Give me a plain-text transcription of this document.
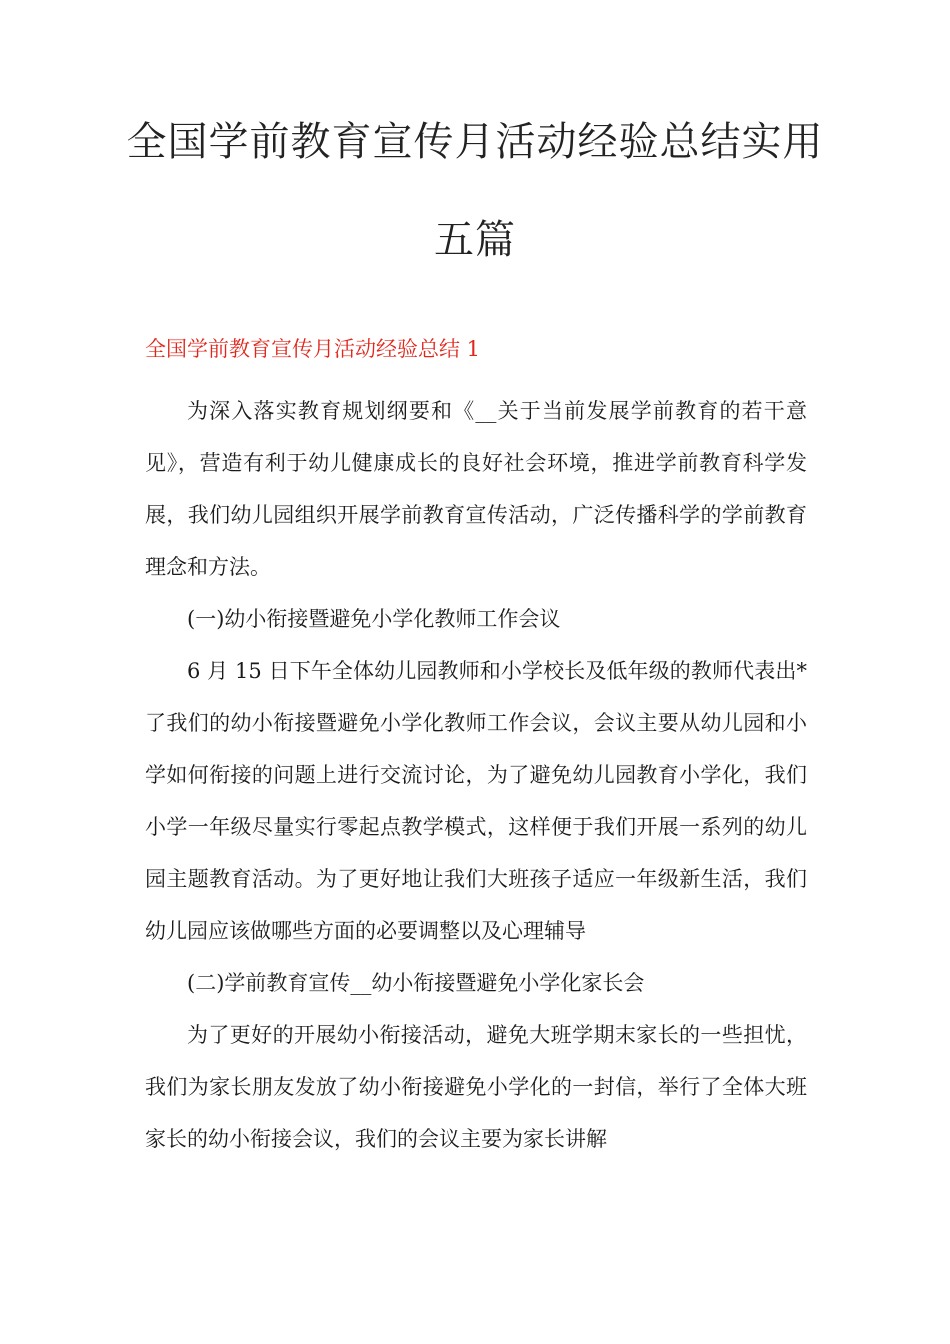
全国学前教育宣传月活动经验总结实用
五篇
全国学前教育宣传月活动经验总结 1

为深入落实教育规划纲要和《__关于当前发展学前教育的若干意见》，营造有利于幼儿健康成长的良好社会环境，推进学前教育科学发展，我们幼儿园组织开展学前教育宣传活动，广泛传播科学的学前教育理念和方法。

(一)幼小衔接暨避免小学化教师工作会议

6 月 15 日下午全体幼儿园教师和小学校长及低年级的教师代表出*了我们的幼小衔接暨避免小学化教师工作会议，会议主要从幼儿园和小学如何衔接的问题上进行交流讨论，为了避免幼儿园教育小学化，我们小学一年级尽量实行零起点教学模式，这样便于我们开展一系列的幼儿园主题教育活动。为了更好地让我们大班孩子适应一年级新生活，我们幼儿园应该做哪些方面的必要调整以及心理辅导

(二)学前教育宣传__幼小衔接暨避免小学化家长会

为了更好的开展幼小衔接活动，避免大班学期末家长的一些担忧，我们为家长朋友发放了幼小衔接避免小学化的一封信，举行了全体大班家长的幼小衔接会议，我们的会议主要为家长讲解
